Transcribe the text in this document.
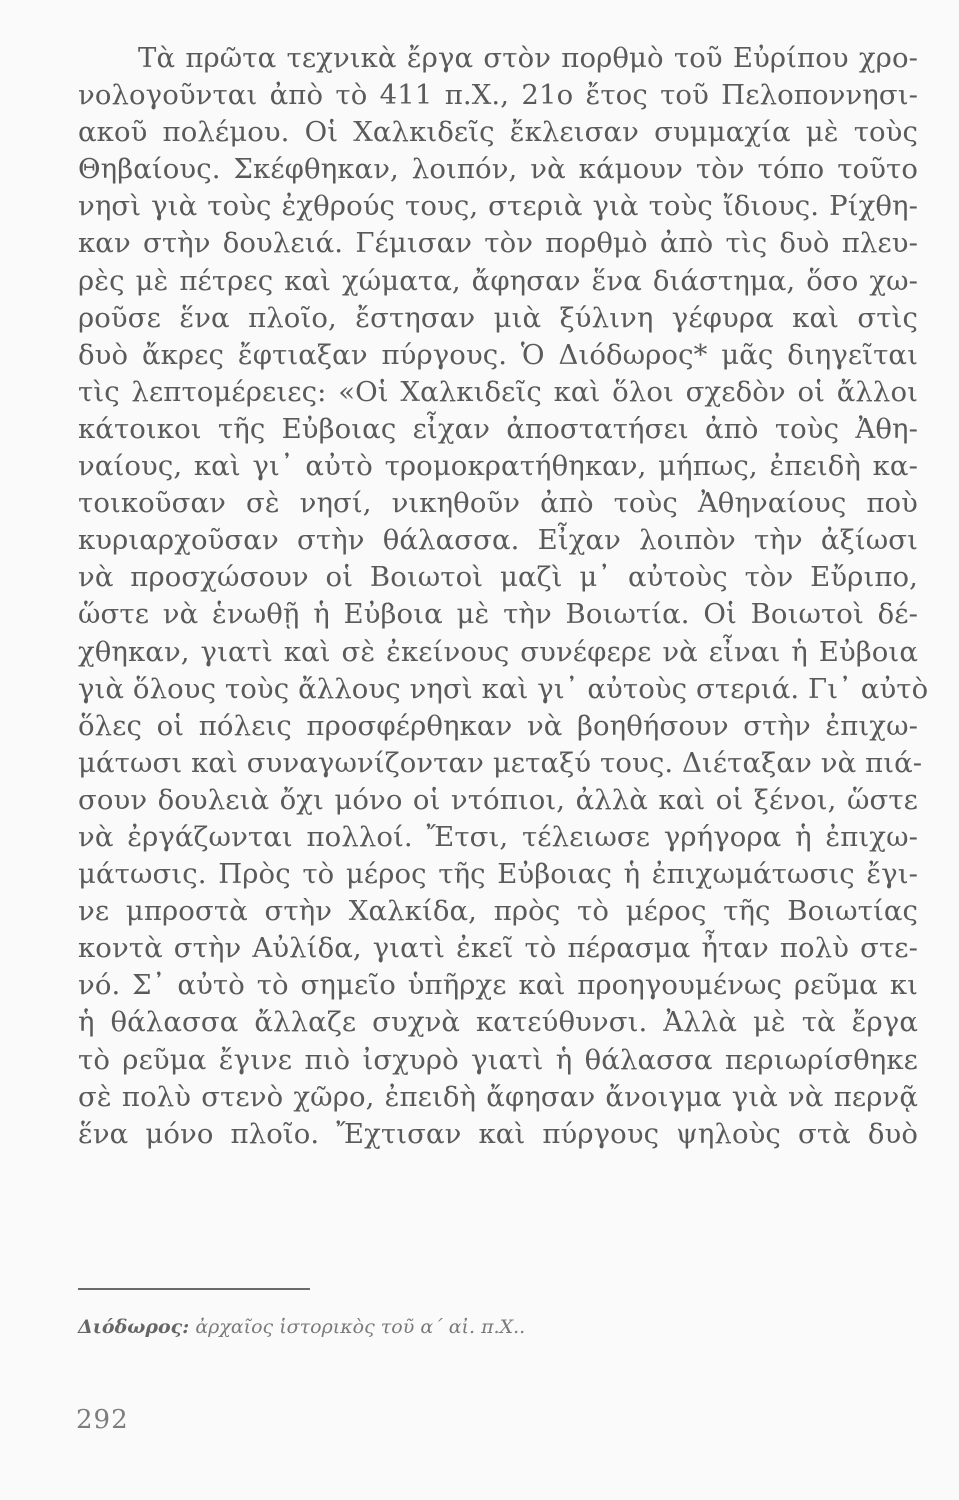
Τὰ πρῶτα τεχνικὰ ἔργα στὸν πορθμὸ τοῦ Εὐρίπου χρο-
νολογοῦνται ἀπὸ τὸ 411 π.Χ., 21ο ἔτος τοῦ Πελοποννησι-
ακοῦ πολέμου. Οἱ Χαλκιδεῖς ἔκλεισαν συμμαχία μὲ τοὺς
Θηβαίους. Σκέφθηκαν, λοιπόν, νὰ κάμουν τὸν τόπο τοῦτο
νησὶ γιὰ τοὺς ἐχθρούς τους, στεριὰ γιὰ τοὺς ἴδιους. Ρίχθη-
καν στὴν δουλειά. Γέμισαν τὸν πορθμὸ ἀπὸ τὶς δυὸ πλευ-
ρὲς μὲ πέτρες καὶ χώματα, ἄφησαν ἕνα διάστημα, ὅσο χω-
ροῦσε ἕνα πλοῖο, ἔστησαν μιὰ ξύλινη γέφυρα καὶ στὶς
δυὸ ἄκρες ἔφτιαξαν πύργους. Ὁ Διόδωρος* μᾶς διηγεῖται
τὶς λεπτομέρειες: «Οἱ Χαλκιδεῖς καὶ ὅλοι σχεδὸν οἱ ἄλλοι
κάτοικοι τῆς Εὐβοιας εἶχαν ἀποστατήσει ἀπὸ τοὺς Ἀθη-
ναίους, καὶ γι᾽ αὐτὸ τρομοκρατήθηκαν, μήπως, ἐπειδὴ κα-
τοικοῦσαν σὲ νησί, νικηθοῦν ἀπὸ τοὺς Ἀθηναίους ποὺ
κυριαρχοῦσαν στὴν θάλασσα. Εἶχαν λοιπὸν τὴν ἀξίωσι
νὰ προσχώσουν οἱ Βοιωτοὶ μαζὶ μ᾽ αὐτοὺς τὸν Εὔριπο,
ὥστε νὰ ἑνωθῇ ἡ Εὐβοια μὲ τὴν Βοιωτία. Οἱ Βοιωτοὶ δέ-
χθηκαν, γιατὶ καὶ σὲ ἐκείνους συνέφερε νὰ εἶναι ἡ Εὐβοια
γιὰ ὅλους τοὺς ἄλλους νησὶ καὶ γι᾽ αὐτοὺς στεριά. Γι᾽ αὐτὸ
ὅλες οἱ πόλεις προσφέρθηκαν νὰ βοηθήσουν στὴν ἐπιχω-
μάτωσι καὶ συναγωνίζονταν μεταξύ τους. Διέταξαν νὰ πιά-
σουν δουλειὰ ὄχι μόνο οἱ ντόπιοι, ἀλλὰ καὶ οἱ ξένοι, ὥστε
νὰ ἐργάζωνται πολλοί. Ἔτσι, τέλειωσε γρήγορα ἡ ἐπιχω-
μάτωσις. Πρὸς τὸ μέρος τῆς Εὐβοιας ἡ ἐπιχωμάτωσις ἔγι-
νε μπροστὰ στὴν Χαλκίδα, πρὸς τὸ μέρος τῆς Βοιωτίας
κοντὰ στὴν Αὐλίδα, γιατὶ ἐκεῖ τὸ πέρασμα ἦταν πολὺ στε-
νό. Σ᾽ αὐτὸ τὸ σημεῖο ὑπῆρχε καὶ προηγουμένως ρεῦμα κι
ἡ θάλασσα ἄλλαζε συχνὰ κατεύθυνσι. Ἀλλὰ μὲ τὰ ἔργα
τὸ ρεῦμα ἔγινε πιὸ ἰσχυρὸ γιατὶ ἡ θάλασσα περιωρίσθηκε
σὲ πολὺ στενὸ χῶρο, ἐπειδὴ ἄφησαν ἄνοιγμα γιὰ νὰ περνᾷ
ἕνα μόνο πλοῖο. Ἔχτισαν καὶ πύργους ψηλοὺς στὰ δυὸ
Διόδωρος: ἀρχαῖος ἱστορικὸς τοῦ α´ αἰ. π.Χ..
292
